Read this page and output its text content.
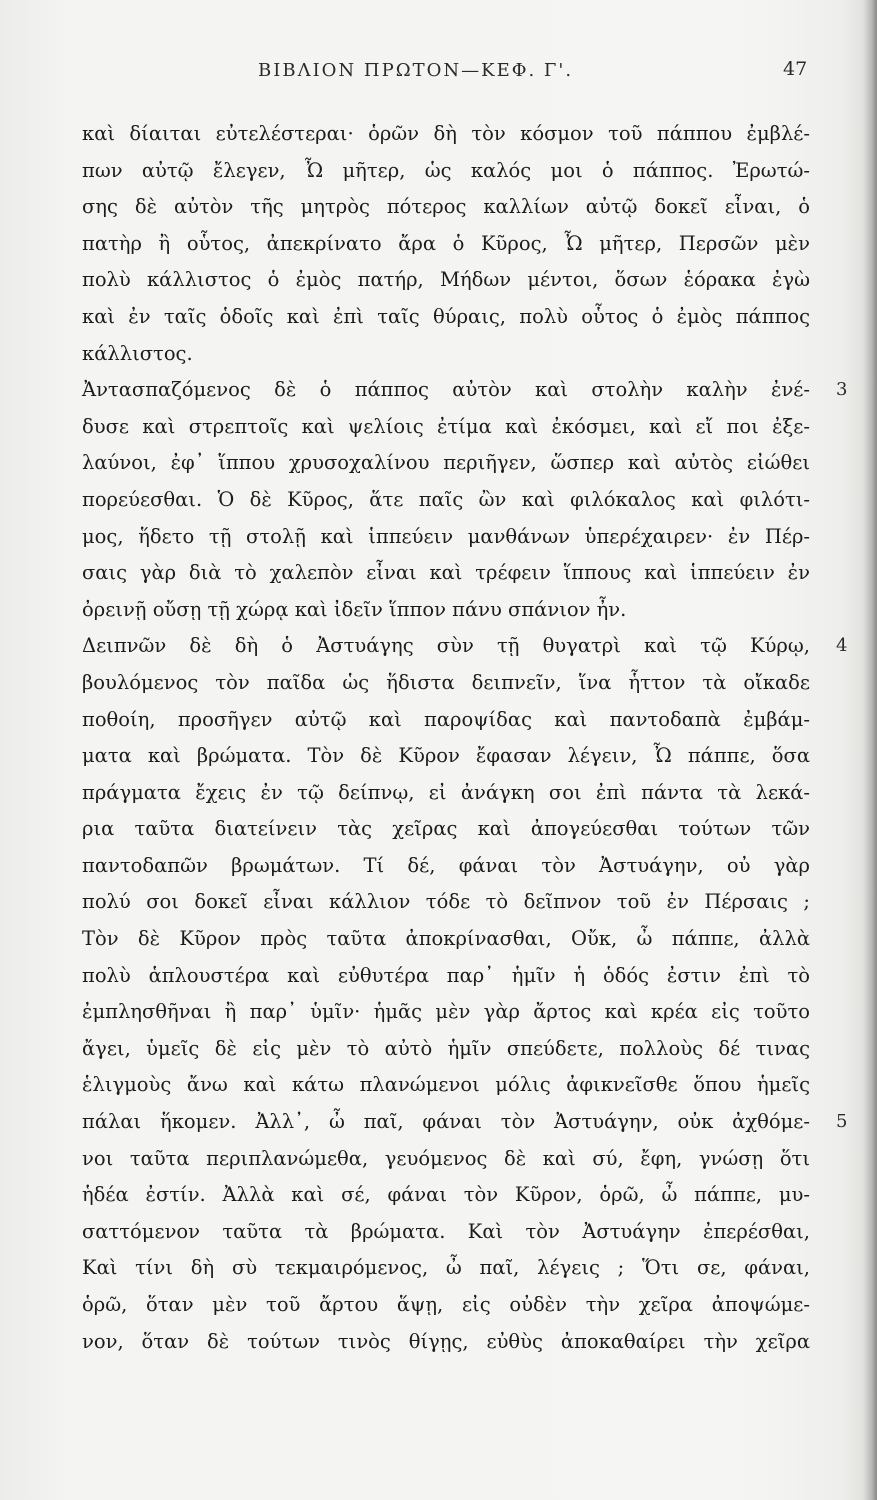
ΒΙΒΛΙΟΝ ΠΡΩΤΟΝ—ΚΕΦ. Γ'.	47
καὶ δίαιται εὐτελέστεραι· ὁρῶν δὴ τὸν κόσμον τοῦ πάππου ἐμβλέ-
πων αὐτῷ ἔλεγεν, Ὦ μῆτερ, ὡς καλός μοι ὁ πάππος. Ἐρωτώ-
σης δὲ αὐτὸν τῆς μητρὸς πότερος καλλίων αὐτῷ δοκεῖ εἶναι, ὁ
πατὴρ ἢ οὗτος, ἀπεκρίνατο ἄρα ὁ Κῦρος, Ὦ μῆτερ, Περσῶν μὲν
πολὺ κάλλιστος ὁ ἐμὸς πατήρ, Μήδων μέντοι, ὅσων ἑόρακα ἐγὼ
καὶ ἐν ταῖς ὁδοῖς καὶ ἐπὶ ταῖς θύραις, πολὺ οὗτος ὁ ἐμὸς πάππος
κάλλιστος.
Ἀντασπαζόμενος δὲ ὁ πάππος αὐτὸν καὶ στολὴν καλὴν ἐνέ-
δυσε καὶ στρεπτοῖς καὶ ψελίοις ἐτίμα καὶ ἐκόσμει, καὶ εἴ ποι ἐξε-
λαύνοι, ἐφ᾽ ἵππου χρυσοχαλίνου περιῆγεν, ὥσπερ καὶ αὐτὸς εἰώθει
πορεύεσθαι. Ὁ δὲ Κῦρος, ἅτε παῖς ὢν καὶ φιλόκαλος καὶ φιλότι-
μος, ἥδετο τῇ στολῇ καὶ ἱππεύειν μανθάνων ὑπερέχαιρεν· ἐν Πέρ-
σαις γὰρ διὰ τὸ χαλεπὸν εἶναι καὶ τρέφειν ἵππους καὶ ἱππεύειν ἐν
ὀρεινῇ οὔσῃ τῇ χώρᾳ καὶ ἰδεῖν ἵππον πάνυ σπάνιον ἦν.
Δειπνῶν δὲ δὴ ὁ Ἀστυάγης σὺν τῇ θυγατρὶ καὶ τῷ Κύρῳ,
βουλόμενος τὸν παῖδα ὡς ἥδιστα δειπνεῖν, ἵνα ἧττον τὰ οἴκαδε
ποθοίη, προσῆγεν αὐτῷ καὶ παροψίδας καὶ παντοδαπὰ ἐμβάμ-
ματα καὶ βρώματα. Τὸν δὲ Κῦρον ἔφασαν λέγειν, Ὦ πάππε, ὅσα
πράγματα ἔχεις ἐν τῷ δείπνῳ, εἰ ἀνάγκη σοι ἐπὶ πάντα τὰ λεκά-
ρια ταῦτα διατείνειν τὰς χεῖρας καὶ ἀπογεύεσθαι τούτων τῶν
παντοδαπῶν βρωμάτων. Τί δέ, φάναι τὸν Ἀστυάγην, οὐ γὰρ
πολύ σοι δοκεῖ εἶναι κάλλιον τόδε τὸ δεῖπνον τοῦ ἐν Πέρσαις ;
Τὸν δὲ Κῦρον πρὸς ταῦτα ἀποκρίνασθαι, Οὔκ, ὦ πάππε, ἀλλὰ
πολὺ ἁπλουστέρα καὶ εὐθυτέρα παρ᾽ ἡμῖν ἡ ὁδός ἐστιν ἐπὶ τὸ
ἐμπλησθῆναι ἢ παρ᾽ ὑμῖν· ἡμᾶς μὲν γὰρ ἄρτος καὶ κρέα εἰς τοῦτο
ἄγει, ὑμεῖς δὲ εἰς μὲν τὸ αὐτὸ ἡμῖν σπεύδετε, πολλοὺς δέ τινας
ἑλιγμοὺς ἄνω καὶ κάτω πλανώμενοι μόλις ἀφικνεῖσθε ὅπου ἡμεῖς
πάλαι ἥκομεν. Ἀλλ᾽, ὦ παῖ, φάναι τὸν Ἀστυάγην, οὐκ ἀχθόμε-
νοι ταῦτα περιπλανώμεθα, γευόμενος δὲ καὶ σύ, ἔφη, γνώσῃ ὅτι
ἡδέα ἐστίν. Ἀλλὰ καὶ σέ, φάναι τὸν Κῦρον, ὁρῶ, ὦ πάππε, μυ-
σαττόμενον ταῦτα τὰ βρώματα. Καὶ τὸν Ἀστυάγην ἐπερέσθαι,
Καὶ τίνι δὴ σὺ τεκμαιρόμενος, ὦ παῖ, λέγεις ; Ὅτι σε, φάναι,
ὁρῶ, ὅταν μὲν τοῦ ἄρτου ἅψῃ, εἰς οὐδὲν τὴν χεῖρα ἀποψώμε-
νον, ὅταν δὲ τούτων τινὸς θίγῃς, εὐθὺς ἀποκαθαίρει τὴν χεῖρα
3
4
5
